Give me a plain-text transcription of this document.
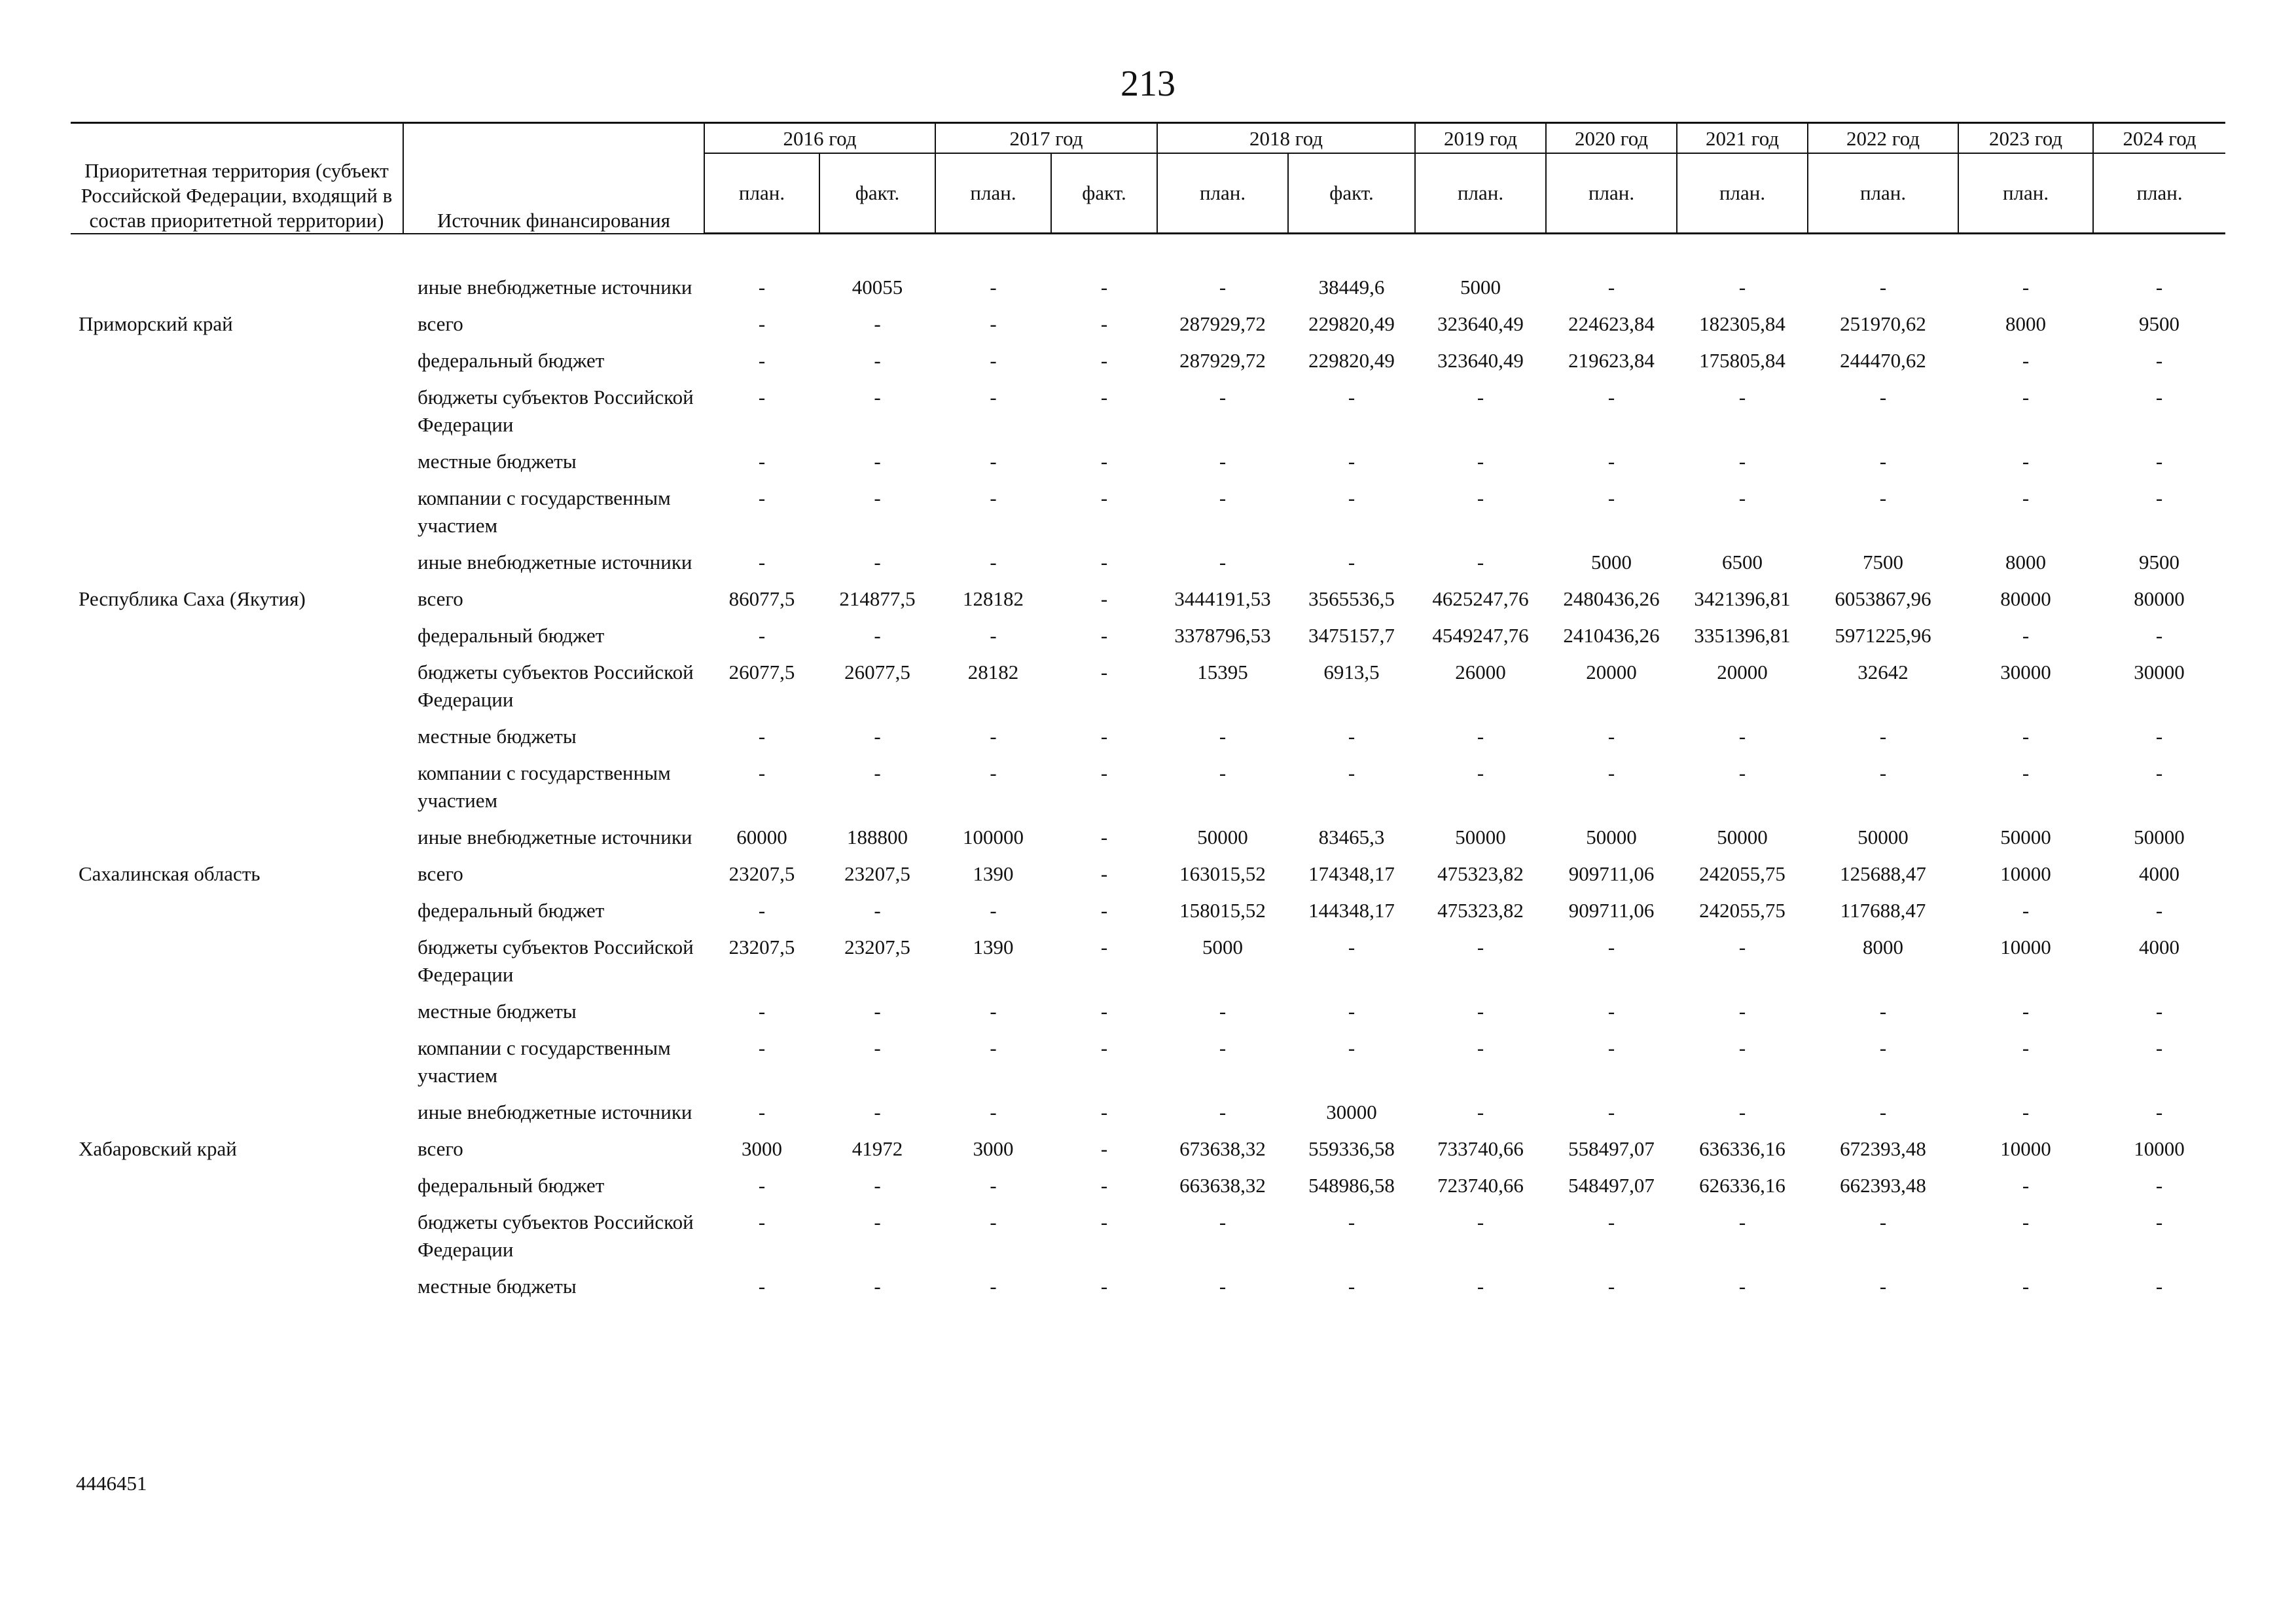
213
Приоритетная территория (субъект Российской Федерации, входящий в состав приоритетной территории)	Источник финансирования	2016 год		2017 год		2018 год		2019 год	2020 год	2021 год	2022 год	2023 год	2024 год
		план.	факт.	план.	факт.	план.	факт.	план.	план.	план.	план.	план.	план.

	иные внебюджетные источники	-	40055	-	-	-	38449,6	5000	-	-	-	-	-
Приморский край	всего	-	-	-	-	287929,72	229820,49	323640,49	224623,84	182305,84	251970,62	8000	9500
	федеральный бюджет	-	-	-	-	287929,72	229820,49	323640,49	219623,84	175805,84	244470,62	-	-
	бюджеты субъектов Российской Федерации	-	-	-	-	-	-	-	-	-	-	-	-
	местные бюджеты	-	-	-	-	-	-	-	-	-	-	-	-
	компании с государственным участием	-	-	-	-	-	-	-	-	-	-	-	-
	иные внебюджетные источники	-	-	-	-	-	-	-	5000	6500	7500	8000	9500
Республика Саха (Якутия)	всего	86077,5	214877,5	128182	-	3444191,53	3565536,5	4625247,76	2480436,26	3421396,81	6053867,96	80000	80000
	федеральный бюджет	-	-	-	-	3378796,53	3475157,7	4549247,76	2410436,26	3351396,81	5971225,96	-	-
	бюджеты субъектов Российской Федерации	26077,5	26077,5	28182	-	15395	6913,5	26000	20000	20000	32642	30000	30000
	местные бюджеты	-	-	-	-	-	-	-	-	-	-	-	-
	компании с государственным участием	-	-	-	-	-	-	-	-	-	-	-	-
	иные внебюджетные источники	60000	188800	100000	-	50000	83465,3	50000	50000	50000	50000	50000	50000
Сахалинская область	всего	23207,5	23207,5	1390	-	163015,52	174348,17	475323,82	909711,06	242055,75	125688,47	10000	4000
	федеральный бюджет	-	-	-	-	158015,52	144348,17	475323,82	909711,06	242055,75	117688,47	-	-
	бюджеты субъектов Российской Федерации	23207,5	23207,5	1390	-	5000	-	-	-	-	8000	10000	4000
	местные бюджеты	-	-	-	-	-	-	-	-	-	-	-	-
	компании с государственным участием	-	-	-	-	-	-	-	-	-	-	-	-
	иные внебюджетные источники	-	-	-	-	-	30000	-	-	-	-	-	-
Хабаровский край	всего	3000	41972	3000	-	673638,32	559336,58	733740,66	558497,07	636336,16	672393,48	10000	10000
	федеральный бюджет	-	-	-	-	663638,32	548986,58	723740,66	548497,07	626336,16	662393,48	-	-
	бюджеты субъектов Российской Федерации	-	-	-	-	-	-	-	-	-	-	-	-
	местные бюджеты	-	-	-	-	-	-	-	-	-	-	-	-
4446451
